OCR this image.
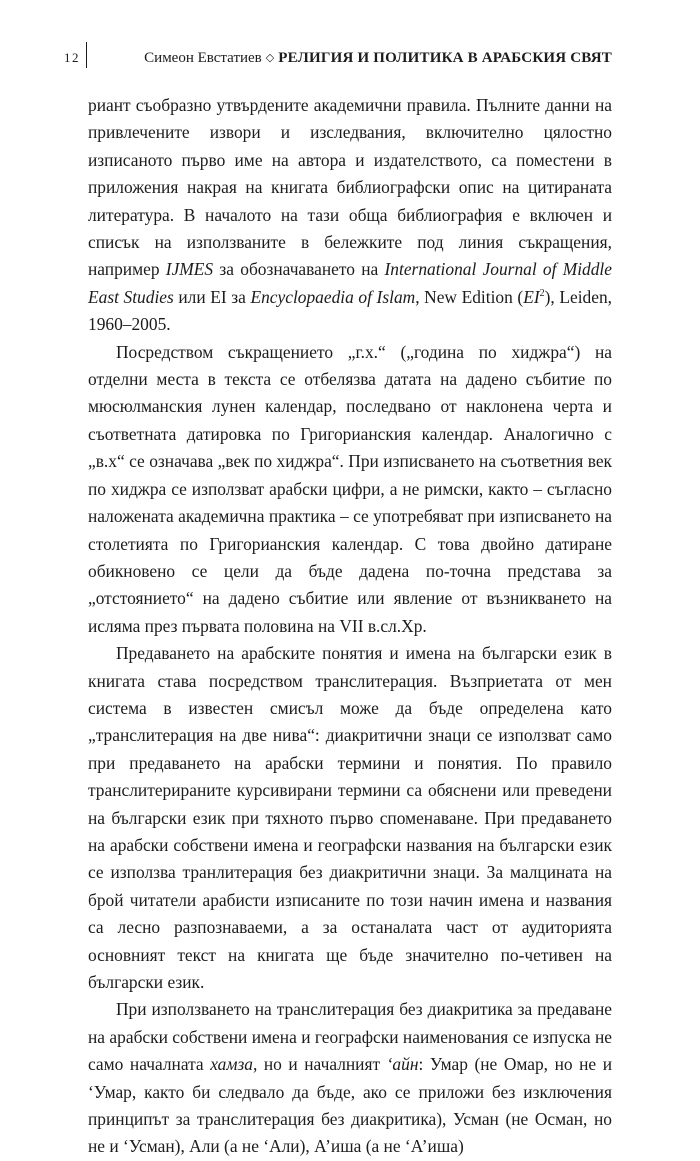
12	Симеон Евстатиев ◇ РЕЛИГИЯ И ПОЛИТИКА В АРАБСКИЯ СВЯТ

риант съобразно утвърдените академични правила. Пълните данни на привлечените извори и изследвания, включително цялостно изписаното първо име на автора и издателството, са поместени в приложения накрая на книгата библиографски опис на цитираната литература. В началото на тази обща библиография е включен и списък на използваните в бележките под линия съкращения, например IJMES за обозначаването на International Journal of Middle East Studies или EI за Encyclopaedia of Islam, New Edition $(EI^2)$, Leiden, 1960–2005.

Посредством съкращението „г.х.“ („година по хиджра“) на отделни места в текста се отбелязва датата на дадено събитие по мюсюлманския лунен календар, последвано от наклонена черта и съответната датировка по Григорианския календар. Аналогично с „в.х“ се означава „век по хиджра“. При изписването на съответния век по хиджра се използват арабски цифри, а не римски, както – съгласно наложената академична практика – се употребяват при изписването на столетията по Григорианския календар. С това двойно датиране обикновено се цели да бъде дадена по-точна представа за „отстоянието“ на дадено събитие или явление от възникването на исляма през първата половина на VII в.сл.Хр.

Предаването на арабските понятия и имена на български език в книгата става посредством транслитерация. Възприетата от мен система в известен смисъл може да бъде определена като „транслитерация на две нива“: диакритични знаци се използват само при предаването на арабски термини и понятия. По правило транслитерираните курсивирани термини са обяснени или преведени на български език при тяхното първо споменаване. При предаването на арабски собствени имена и географски названия на български език се използва транлитерация без диакритични знаци. За малцината на брой читатели арабисти изписаните по този начин имена и названия са лесно разпознаваеми, а за останалата част от аудиторията основният текст на книгата ще бъде значително по-четивен на български език.

При използването на транслитерация без диакритика за предаване на арабски собствени имена и географски наименования се изпуска не само началната хамза, но и началният ‘айн: Умар (не Омар, но не и ‘Умар, както би следвало да бъде, ако се приложи без изключения принципът за транслитерация без диакритика), Усман (не Осман, но не и ‘Усман), Али (а не ‘Али), А’иша (а не ‘А’иша)
